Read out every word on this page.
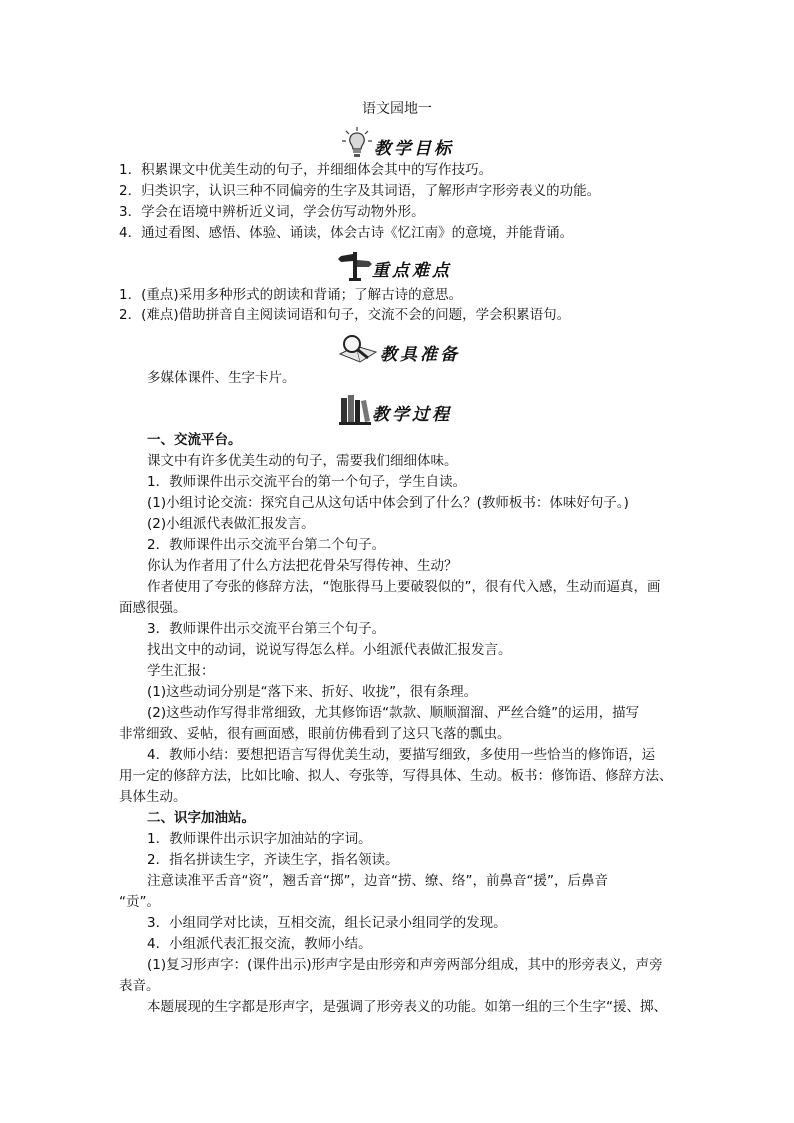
语文园地一
教学目标
1．积累课文中优美生动的句子，并细细体会其中的写作技巧。
2．归类识字，认识三种不同偏旁的生字及其词语，了解形声字形旁表义的功能。
3．学会在语境中辨析近义词，学会仿写动物外形。
4．通过看图、感悟、体验、诵读，体会古诗《忆江南》的意境，并能背诵。
重点难点
1．(重点)采用多种形式的朗读和背诵；了解古诗的意思。
2．(难点)借助拼音自主阅读词语和句子，交流不会的问题，学会积累语句。
教具准备
多媒体课件、生字卡片。
教学过程
一、交流平台。
课文中有许多优美生动的句子，需要我们细细体味。
1．教师课件出示交流平台的第一个句子，学生自读。
(1)小组讨论交流：探究自己从这句话中体会到了什么？(教师板书：体味好句子。)
(2)小组派代表做汇报发言。
2．教师课件出示交流平台第二个句子。
你认为作者用了什么方法把花骨朵写得传神、生动？
作者使用了夸张的修辞方法，“饱胀得马上要破裂似的”，很有代入感，生动而逼真，画
面感很强。
3．教师课件出示交流平台第三个句子。
找出文中的动词，说说写得怎么样。小组派代表做汇报发言。
学生汇报：
(1)这些动词分别是“落下来、折好、收拢”，很有条理。
(2)这些动作写得非常细致，尤其修饰语“款款、顺顺溜溜、严丝合缝”的运用，描写
非常细致、妥帖，很有画面感，眼前仿佛看到了这只飞落的瓢虫。
4．教师小结：要想把语言写得优美生动，要描写细致，多使用一些恰当的修饰语，运
用一定的修辞方法，比如比喻、拟人、夸张等，写得具体、生动。板书：修饰语、修辞方法、
具体生动。
二、识字加油站。
1．教师课件出示识字加油站的字词。
2．指名拼读生字，齐读生字，指名领读。
注意读准平舌音“资”，翘舌音“掷”，边音“捞、缭、络”，前鼻音“援”，后鼻音
“贡”。
3．小组同学对比读，互相交流，组长记录小组同学的发现。
4．小组派代表汇报交流，教师小结。
(1)复习形声字：(课件出示)形声字是由形旁和声旁两部分组成，其中的形旁表义，声旁
表音。
本题展现的生字都是形声字，是强调了形旁表义的功能。如第一组的三个生字“援、掷、
